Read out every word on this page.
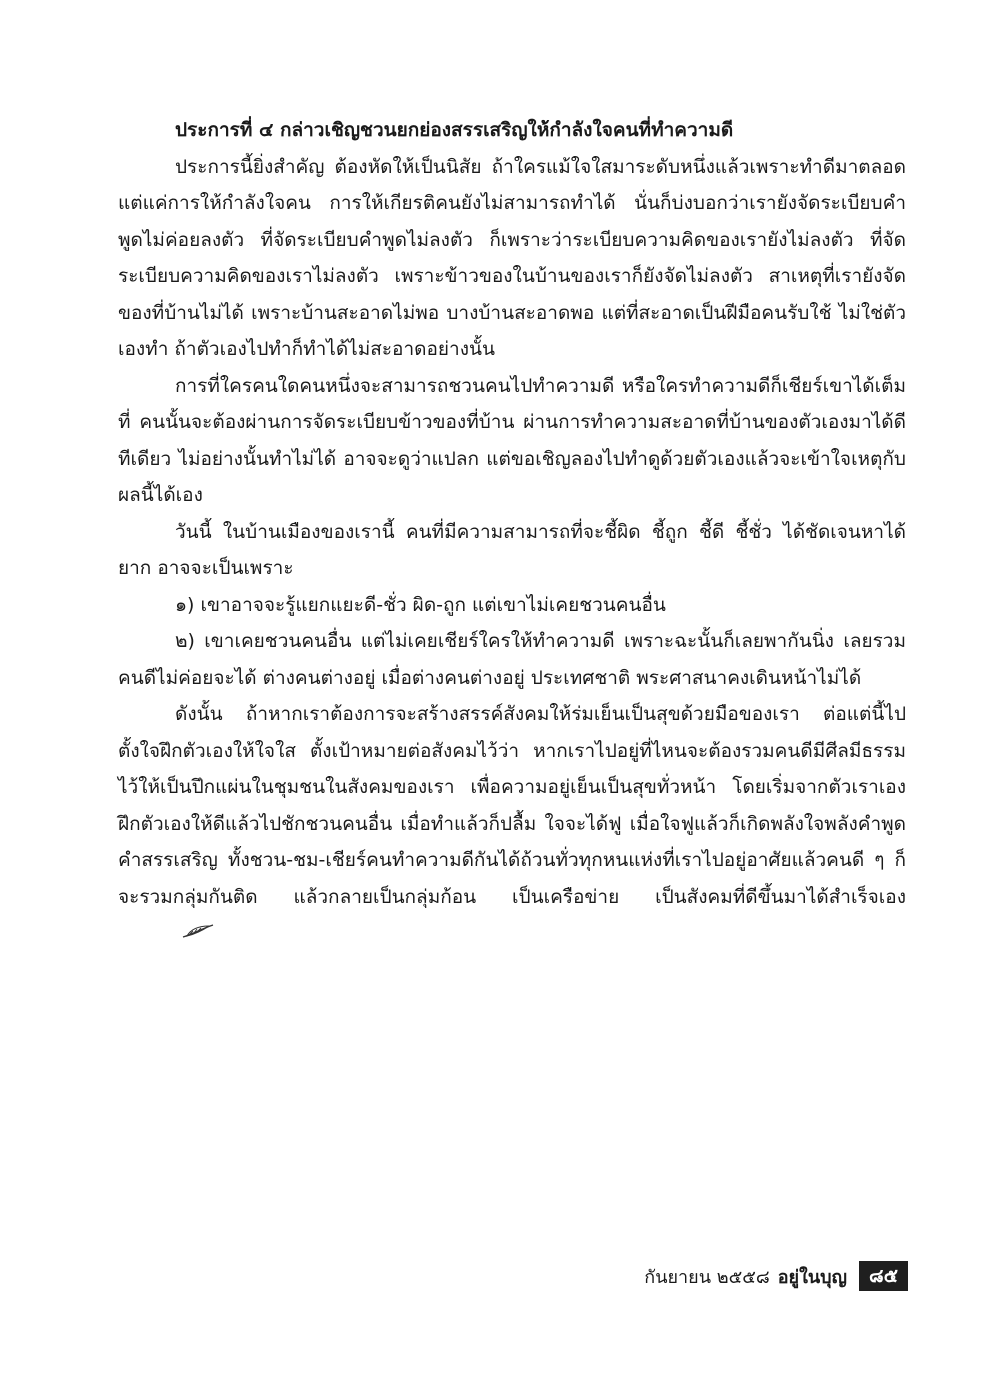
ประการที่ ๔ กล่าวเชิญชวนยกย่องสรรเสริญให้กำลังใจคนที่ทำความดี

ประการนี้ยิ่งสำคัญ ต้องหัดให้เป็นนิสัย ถ้าใครแม้ใจใสมาระดับหนึ่งแล้วเพราะทำดีมาตลอด แต่แค่การให้กำลังใจคน การให้เกียรติคนยังไม่สามารถทำได้ นั่นก็บ่งบอกว่าเรายังจัดระเบียบคำพูดไม่ค่อยลงตัว ที่จัดระเบียบคำพูดไม่ลงตัว ก็เพราะว่าระเบียบความคิดของเรายังไม่ลงตัว ที่จัดระเบียบความคิดของเราไม่ลงตัว เพราะข้าวของในบ้านของเราก็ยังจัดไม่ลงตัว สาเหตุที่เรายังจัดของที่บ้านไม่ได้ เพราะบ้านสะอาดไม่พอ บางบ้านสะอาดพอ แต่ที่สะอาดเป็นฝีมือคนรับใช้ ไม่ใช่ตัวเองทำ ถ้าตัวเองไปทำก็ทำได้ไม่สะอาดอย่างนั้น

การที่ใครคนใดคนหนึ่งจะสามารถชวนคนไปทำความดี หรือใครทำความดีก็เชียร์เขาได้เต็มที่ คนนั้นจะต้องผ่านการจัดระเบียบข้าวของที่บ้าน ผ่านการทำความสะอาดที่บ้านของตัวเองมาได้ดีทีเดียว ไม่อย่างนั้นทำไม่ได้ อาจจะดูว่าแปลก แต่ขอเชิญลองไปทำดูด้วยตัวเองแล้วจะเข้าใจเหตุกับผลนี้ได้เอง

วันนี้ ในบ้านเมืองของเรานี้ คนที่มีความสามารถที่จะชี้ผิด ชี้ถูก ชี้ดี ชี้ชั่ว ได้ชัดเจนหาได้ยาก อาจจะเป็นเพราะ

๑) เขาอาจจะรู้แยกแยะดี-ชั่ว ผิด-ถูก แต่เขาไม่เคยชวนคนอื่น

๒) เขาเคยชวนคนอื่น แต่ไม่เคยเชียร์ใครให้ทำความดี เพราะฉะนั้นก็เลยพากันนิ่ง เลยรวมคนดีไม่ค่อยจะได้ ต่างคนต่างอยู่ เมื่อต่างคนต่างอยู่ ประเทศชาติ พระศาสนาคงเดินหน้าไม่ได้

ดังนั้น ถ้าหากเราต้องการจะสร้างสรรค์สังคมให้ร่มเย็นเป็นสุขด้วยมือของเรา ต่อแต่นี้ไปตั้งใจฝึกตัวเองให้ใจใส ตั้งเป้าหมายต่อสังคมไว้ว่า หากเราไปอยู่ที่ไหนจะต้องรวมคนดีมีศีลมีธรรมไว้ให้เป็นปึกแผ่นในชุมชนในสังคมของเรา เพื่อความอยู่เย็นเป็นสุขทั่วหน้า โดยเริ่มจากตัวเราเองฝึกตัวเองให้ดีแล้วไปชักชวนคนอื่น เมื่อทำแล้วก็ปลื้ม ใจจะได้ฟู เมื่อใจฟูแล้วก็เกิดพลังใจพลังคำพูด คำสรรเสริญ ทั้งชวน-ชม-เชียร์คนทำความดีกันได้ถ้วนทั่วทุกหนแห่งที่เราไปอยู่อาศัยแล้วคนดี ๆ ก็จะรวมกลุ่มกันติด แล้วกลายเป็นกลุ่มก้อน เป็นเครือข่าย เป็นสังคมที่ดีขึ้นมาได้สำเร็จเอง

กันยายน ๒๕๕๘ อยู่ในบุญ	๘๕
